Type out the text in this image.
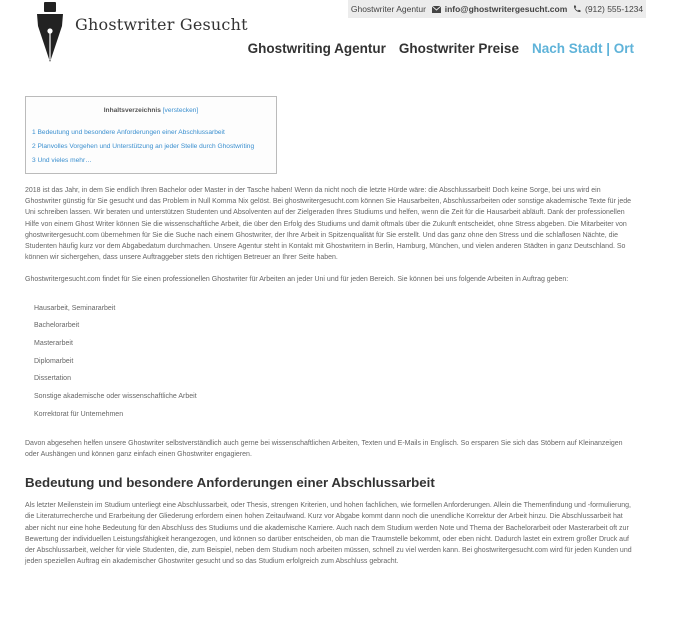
Ghostwriter Agentur info@ghostwritergesucht.com (912) 555-1234
Ghostwriter Gesucht
Ghostwriting Agentur Ghostwriter Preise Nach Stadt | Ort
Inhaltsverzeichnis [verstecken]
1 Bedeutung und besondere Anforderungen einer Abschlussarbeit
2 Planvolles Vorgehen und Unterstützung an jeder Stelle durch Ghostwriting
3 Und vieles mehr…

2018 ist das Jahr, in dem Sie endlich Ihren Bachelor oder Master in der Tasche haben! Wenn da nicht noch die letzte Hürde wäre: die Abschlussarbeit! Doch keine Sorge, bei uns wird ein Ghostwriter günstig für Sie gesucht und das Problem in Null Komma Nix gelöst. Bei ghostwritergesucht.com können Sie Hausarbeiten, Abschlussarbeiten oder sonstige akademische Texte für jede Uni schreiben lassen. Wir beraten und unterstützen Studenten und Absolventen auf der Zielgeraden Ihres Studiums und helfen, wenn die Zeit für die Hausarbeit abläuft. Dank der professionellen Hilfe von einem Ghost Writer können Sie die wissenschaftliche Arbeit, die über den Erfolg des Studiums und damit oftmals über die Zukunft entscheidet, ohne Stress abgeben. Die Mitarbeiter von ghostwritergesucht.com übernehmen für Sie die Suche nach einem Ghostwriter, der Ihre Arbeit in Spitzenqualität für Sie erstellt. Und das ganz ohne den Stress und die schlaflosen Nächte, die Studenten häufig kurz vor dem Abgabedatum durchmachen. Unsere Agentur steht in Kontakt mit Ghostwritern in Berlin, Hamburg, München, und vielen anderen Städten in ganz Deutschland. So können wir sichergehen, dass unsere Auftraggeber stets den richtigen Betreuer an Ihrer Seite haben.

Ghostwritergesucht.com findet für Sie einen professionellen Ghostwriter für Arbeiten an jeder Uni und für jeden Bereich. Sie können bei uns folgende Arbeiten in Auftrag geben:

Hausarbeit, Seminararbeit
Bachelorarbeit
Masterarbeit
Diplomarbeit
Dissertation
Sonstige akademische oder wissenschaftliche Arbeit
Korrektorat für Unternehmen

Davon abgesehen helfen unsere Ghostwriter selbstverständlich auch gerne bei wissenschaftlichen Arbeiten, Texten und E-Mails in Englisch. So ersparen Sie sich das Stöbern auf Kleinanzeigen oder Aushängen und können ganz einfach einen Ghostwriter engagieren.

Bedeutung und besondere Anforderungen einer Abschlussarbeit

Als letzter Meilenstein im Studium unterliegt eine Abschlussarbeit, oder Thesis, strengen Kriterien, und hohen fachlichen, wie formellen Anforderungen. Allein die Themenfindung und -formulierung, die Literaturrecherche und Erarbeitung der Gliederung erfordern einen hohen Zeitaufwand. Kurz vor Abgabe kommt dann noch die unendliche Korrektur der Arbeit hinzu. Die Abschlussarbeit hat aber nicht nur eine hohe Bedeutung für den Abschluss des Studiums und die akademische Karriere. Auch nach dem Studium werden Note und Thema der Bachelorarbeit oder Masterarbeit oft zur Bewertung der individuellen Leistungsfähigkeit herangezogen, und können so darüber entscheiden, ob man die Traumstelle bekommt, oder eben nicht. Dadurch lastet ein extrem großer Druck auf der Abschlussarbeit, welcher für viele Studenten, die, zum Beispiel, neben dem Studium noch arbeiten müssen, schnell zu viel werden kann. Bei ghostwritergesucht.com wird für jeden Kunden und jeden speziellen Auftrag ein akademischer Ghostwriter gesucht und so das Studium erfolgreich zum Abschluss gebracht.
